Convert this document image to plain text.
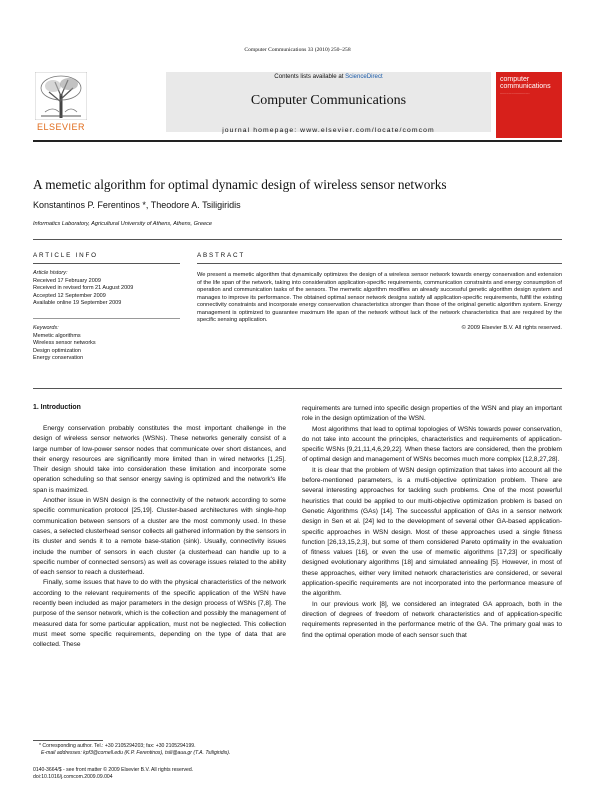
Computer Communications 33 (2010) 250–258
ELSEVIER
Contents lists available at ScienceDirect
Computer Communications
journal homepage: www.elsevier.com/locate/comcom
computer communications
............................
A memetic algorithm for optimal dynamic design of wireless sensor networks
Konstantinos P. Ferentinos *, Theodore A. Tsiligiridis
Informatics Laboratory, Agricultural University of Athens, Athens, Greece
ARTICLE INFO
Article history:
Received 17 February 2009
Received in revised form 21 August 2009
Accepted 12 September 2009
Available online 19 September 2009
Keywords:
Memetic algorithms
Wireless sensor networks
Design optimization
Energy conservation
ABSTRACT
We present a memetic algorithm that dynamically optimizes the design of a wireless sensor network towards energy conservation and extension of the life span of the network, taking into consideration application-specific requirements, communication constraints and energy consumption of operation and communication tasks of the sensors. The memetic algorithm modifies an already successful genetic algorithm design system and manages to improve its performance. The obtained optimal sensor network designs satisfy all application-specific requirements, fulfill the existing connectivity constraints and incorporate energy conservation characteristics stronger than those of the original genetic algorithm system. Energy management is optimized to guarantee maximum life span of the network without lack of the network characteristics that are required by the specific sensing application.
© 2009 Elsevier B.V. All rights reserved.
1. Introduction

Energy conservation probably constitutes the most important challenge in the design of wireless sensor networks (WSNs). These networks generally consist of a large number of low-power sensor nodes that communicate over short distances, and their energy resources are significantly more limited than in wired networks [1,25]. Their design should take into consideration these limitation and incorporate some operation scheduling so that sensor energy saving is optimized and the network's life span is maximized.

Another issue in WSN design is the connectivity of the network according to some specific communication protocol [25,19]. Cluster-based architectures with single-hop communication between sensors of a cluster are the most commonly used. In these cases, a selected clusterhead sensor collects all gathered information by the sensors in its cluster and sends it to a remote base-station (sink). Usually, connectivity issues include the number of sensors in each cluster (a clusterhead can handle up to a specific number of connected sensors) as well as coverage issues related to the ability of each sensor to reach a clusterhead.

Finally, some issues that have to do with the physical characteristics of the network according to the relevant requirements of the specific application of the WSN have recently been included as major parameters in the design process of WSNs [7,8]. The purpose of the sensor network, which is the collection and possibly the management of measured data for some particular application, must not be neglected. This collection must meet some specific requirements, depending on the type of data that are collected. These

requirements are turned into specific design properties of the WSN and play an important role in the design optimization of the WSN.

Most algorithms that lead to optimal topologies of WSNs towards power conservation, do not take into account the principles, characteristics and requirements of application-specific WSNs [9,21,11,4,6,29,22]. When these factors are considered, then the problem of optimal design and management of WSNs becomes much more complex [12,8,27,28].

It is clear that the problem of WSN design optimization that takes into account all the before-mentioned parameters, is a multi-objective optimization problem. There are several interesting approaches for tackling such problems. One of the most powerful heuristics that could be applied to our multi-objective optimization problem is based on Genetic Algorithms (GAs) [14]. The successful application of GAs in a sensor network design in Sen et al. [24] led to the development of several other GA-based application-specific approaches in WSN design. Most of these approaches used a single fitness function [26,13,15,2,3], but some of them considered Pareto optimality in the evaluation of fitness values [16], or even the use of memetic algorithms [17,23] or specifically designed evolutionary algorithms [18] and simulated annealing [5]. However, in most of these approaches, either very limited network characteristics are considered, or several application-specific requirements are not incorporated into the performance measure of the algorithm.

In our previous work [8], we considered an integrated GA approach, both in the direction of degrees of freedom of network characteristics and of application-specific requirements represented in the performance metric of the GA. The primary goal was to find the optimal operation mode of each sensor such that

* Corresponding author. Tel.: +30 2105294203; fax: +30 2105294199.
E-mail addresses: kpf3@cornell.edu (K.P. Ferentinos), tsili@aua.gr (T.A. Tsiligiridis).
0140-3664/$ - see front matter © 2009 Elsevier B.V. All rights reserved.
doi:10.1016/j.comcom.2009.09.004
